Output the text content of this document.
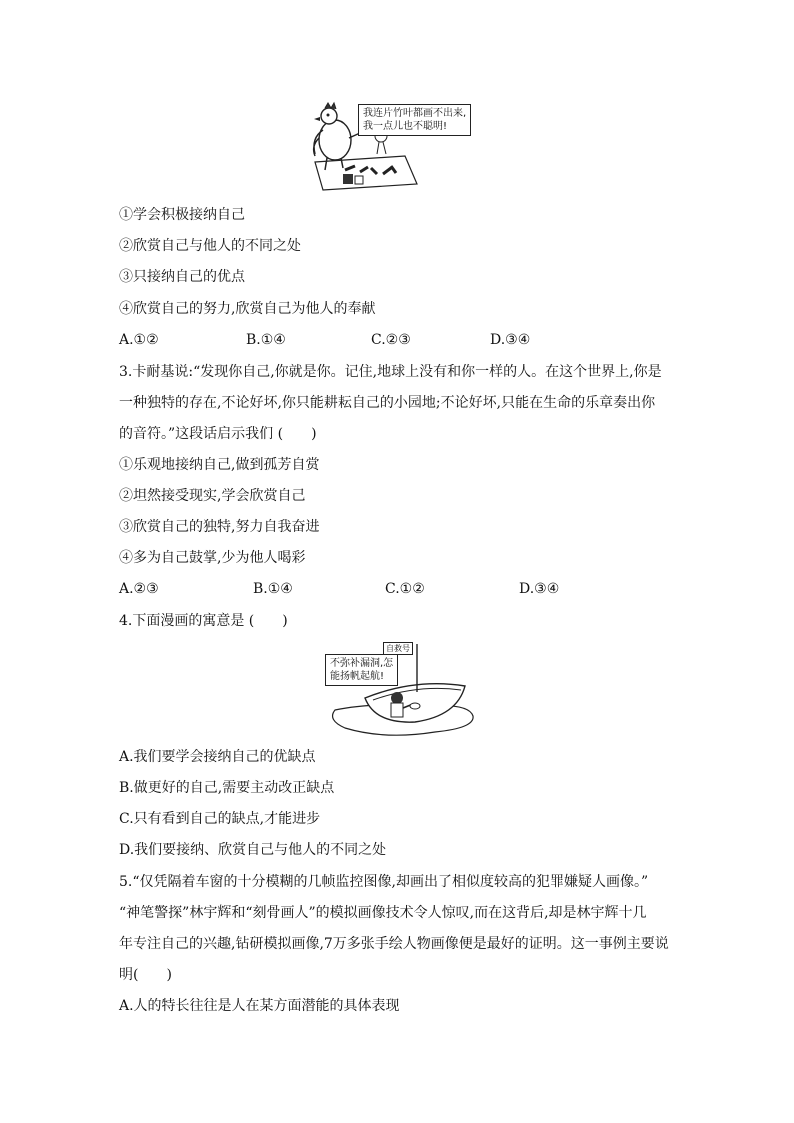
我连片竹叶都画不出来,
我一点儿也不聪明!
①学会积极接纳自己
②欣赏自己与他人的不同之处
③只接纳自己的优点
④欣赏自己的努力,欣赏自己为他人的奉献
A.①②	B.①④	C.②③	D.③④
3.卡耐基说:“发现你自己,你就是你。记住,地球上没有和你一样的人。在这个世界上,你是
一种独特的存在,不论好坏,你只能耕耘自己的小园地;不论好坏,只能在生命的乐章奏出你
的音符。”这段话启示我们 (　　)
①乐观地接纳自己,做到孤芳自赏
②坦然接受现实,学会欣赏自己
③欣赏自己的独特,努力自我奋进
④多为自己鼓掌,少为他人喝彩
A.②③	B.①④	C.①②	D.③④
4.下面漫画的寓意是 (　　)
自救号
不弥补漏洞,怎
能扬帆起航!
A.我们要学会接纳自己的优缺点
B.做更好的自己,需要主动改正缺点
C.只有看到自己的缺点,才能进步
D.我们要接纳、欣赏自己与他人的不同之处
5.“仅凭隔着车窗的十分模糊的几帧监控图像,却画出了相似度较高的犯罪嫌疑人画像。”
“神笔警探”林宇辉和“刻骨画人”的模拟画像技术令人惊叹,而在这背后,却是林宇辉十几
年专注自己的兴趣,钻研模拟画像,7万多张手绘人物画像便是最好的证明。这一事例主要说
明(　　)
A.人的特长往往是人在某方面潜能的具体表现
